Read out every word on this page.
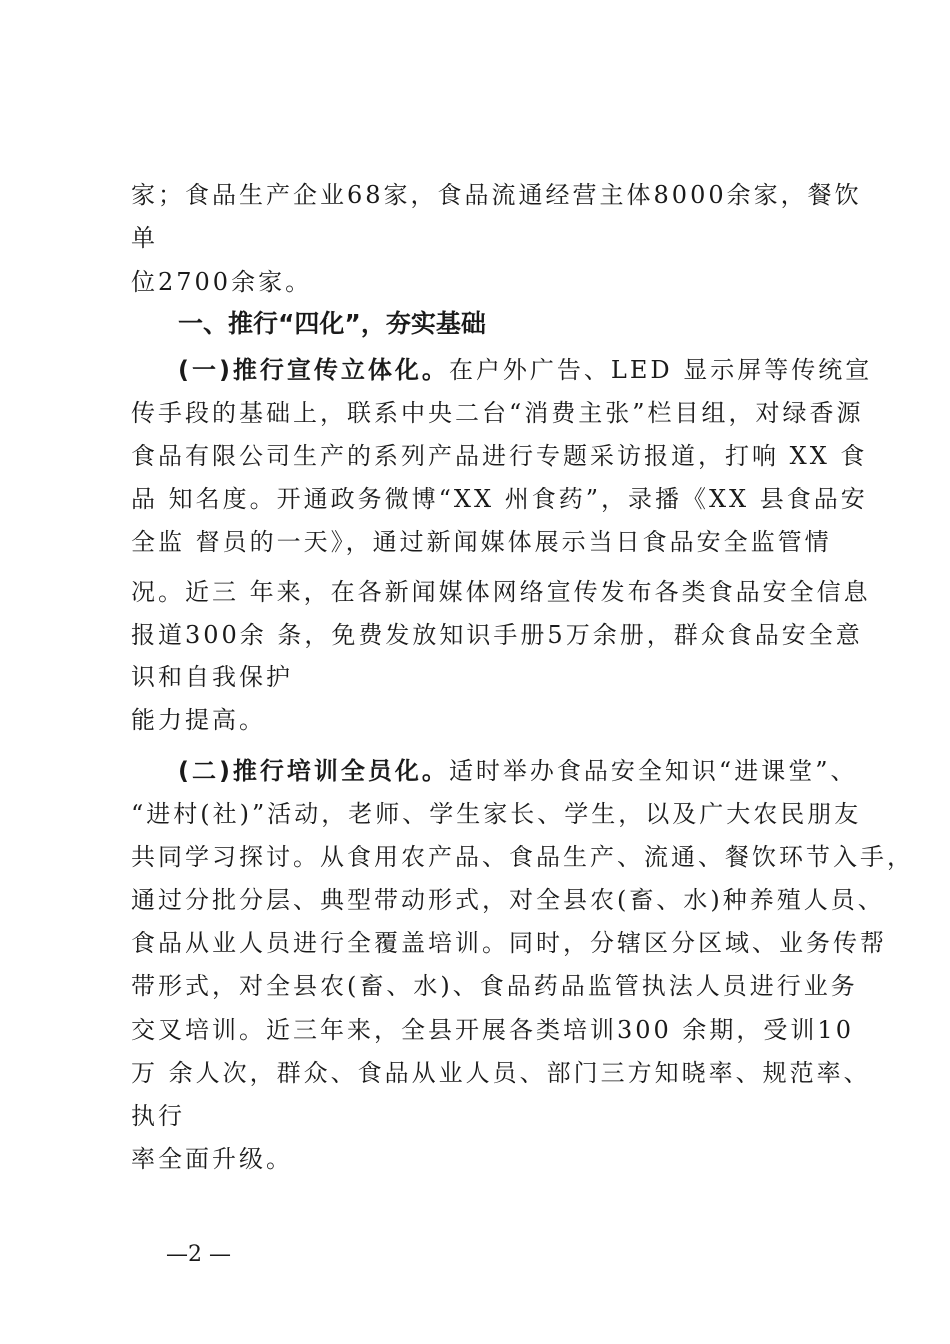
家；食品生产企业68家，食品流通经营主体8000余家，餐饮
单
位2700余家。
一、推行“四化”，夯实基础
(一)推行宣传立体化。在户外广告、LED 显示屏等传统宣
传手段的基础上，联系中央二台“消费主张”栏目组，对绿香源
食品有限公司生产的系列产品进行专题采访报道，打响 XX 食
品 知名度。开通政务微博“XX 州食药”，录播《XX 县食品安
全监 督员的一天》，通过新闻媒体展示当日食品安全监管情
况。近三 年来，在各新闻媒体网络宣传发布各类食品安全信息
报道300余 条，免费发放知识手册5万余册，群众食品安全意
识和自我保护
能力提高。
(二)推行培训全员化。适时举办食品安全知识“进课堂”、
“进村(社)”活动，老师、学生家长、学生，以及广大农民朋友
共同学习探讨。从食用农产品、食品生产、流通、餐饮环节入手，
通过分批分层、典型带动形式，对全县农(畜、水)种养殖人员、
食品从业人员进行全覆盖培训。同时，分辖区分区域、业务传帮
带形式，对全县农(畜、水)、食品药品监管执法人员进行业务
交叉培训。近三年来，全县开展各类培训300 余期，受训10
万 余人次，群众、食品从业人员、部门三方知晓率、规范率、
执行
率全面升级。
—2 —
